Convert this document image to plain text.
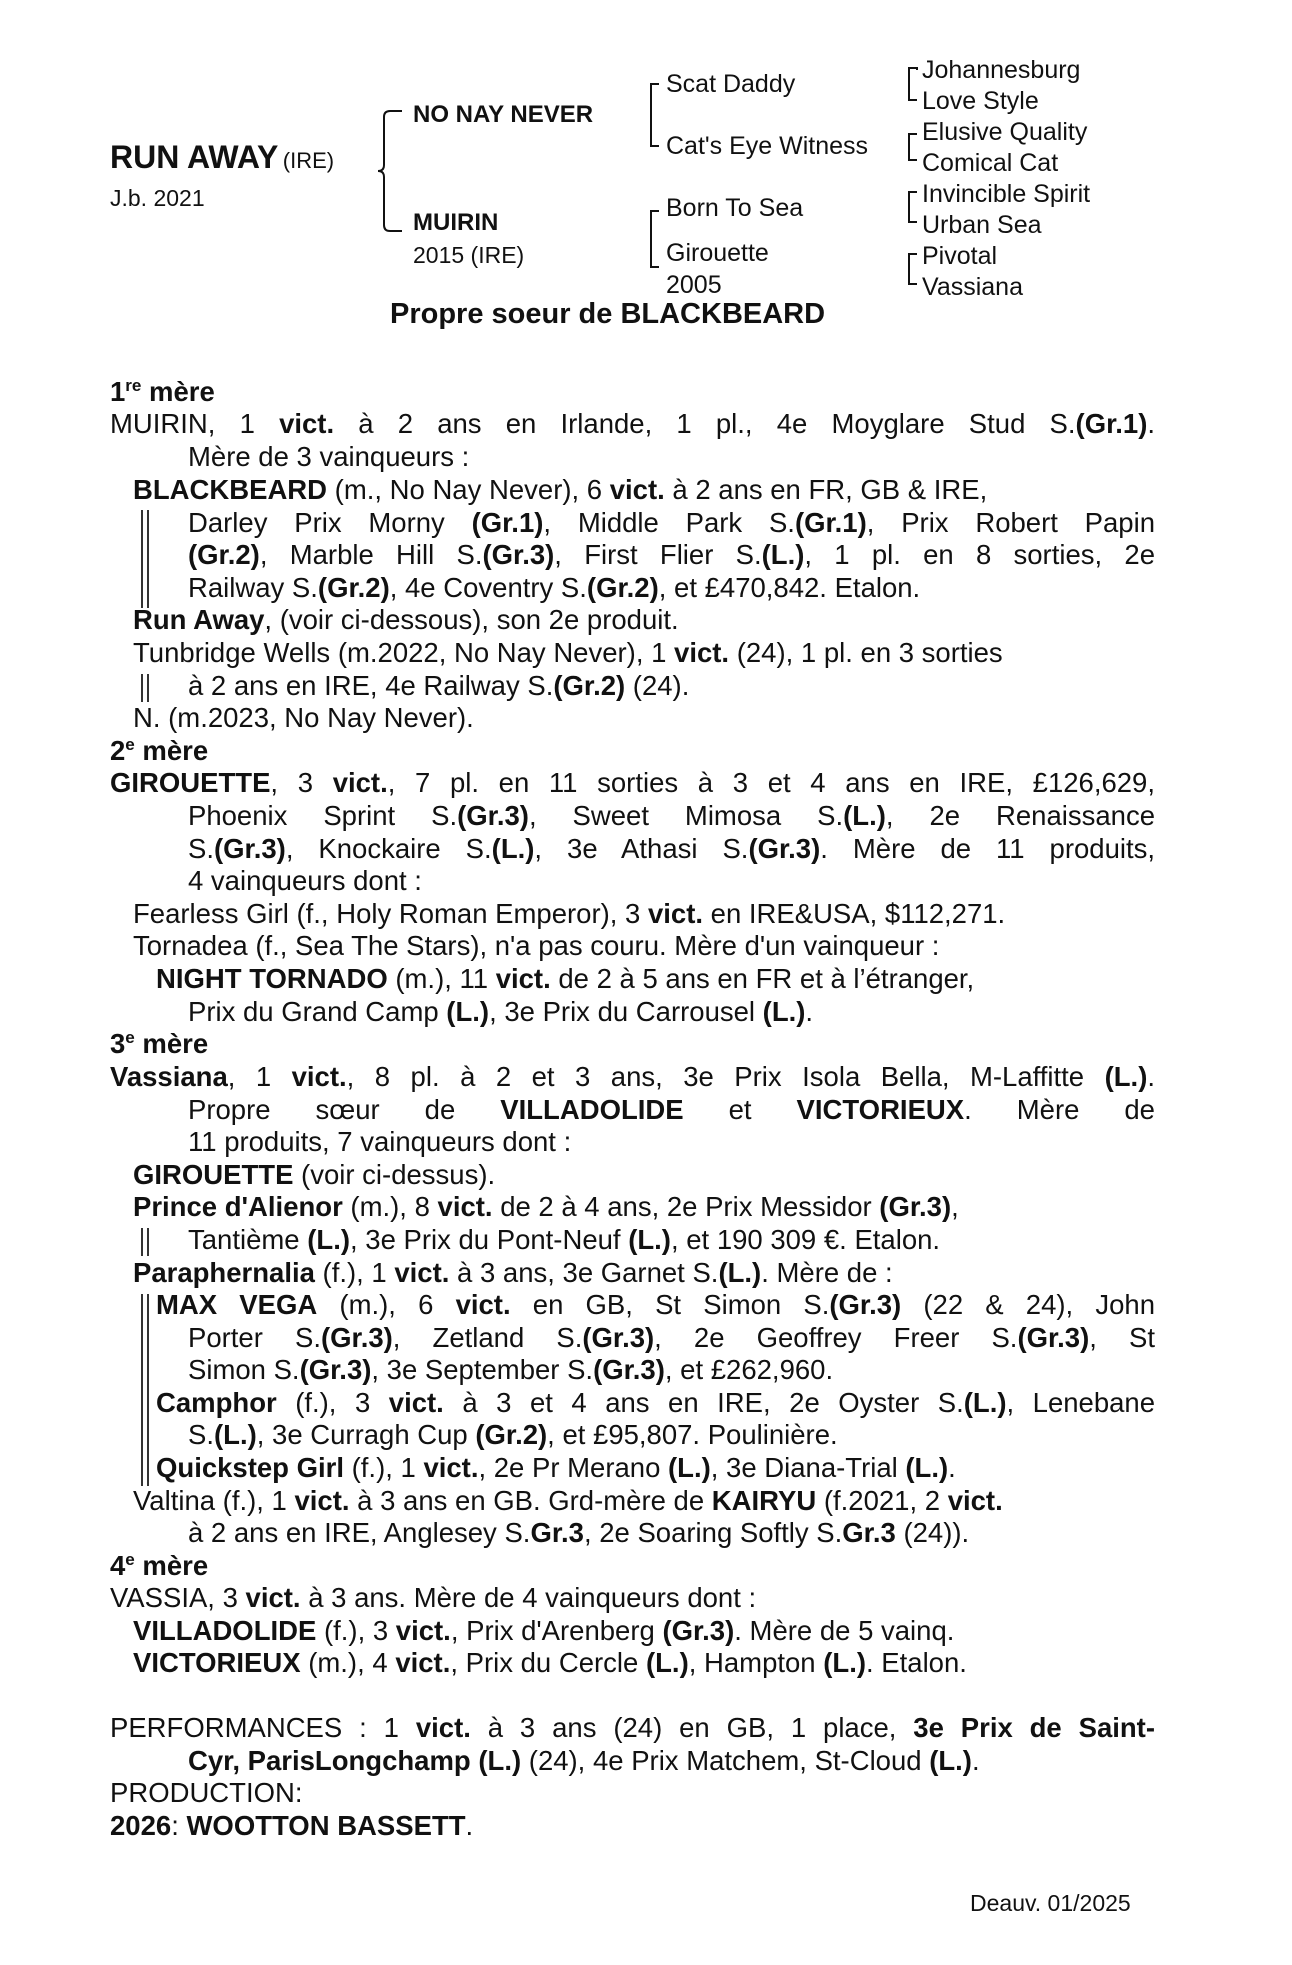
RUN AWAY (IRE)
J.b. 2021
NO NAY NEVER
MUIRIN
2015 (IRE)
Scat Daddy
Cat's Eye Witness
Born To Sea
Girouette
2005
Johannesburg
Love Style
Elusive Quality
Comical Cat
Invincible Spirit
Urban Sea
Pivotal
Vassiana
Propre soeur de BLACKBEARD
1re mère
MUIRIN, 1 vict. à 2 ans en Irlande, 1 pl., 4e Moyglare Stud S.(Gr.1).
Mère de 3 vainqueurs :
BLACKBEARD (m., No Nay Never), 6 vict. à 2 ans en FR, GB & IRE,
Darley Prix Morny (Gr.1), Middle Park S.(Gr.1), Prix Robert Papin
(Gr.2), Marble Hill S.(Gr.3), First Flier S.(L.), 1 pl. en 8 sorties, 2e
Railway S.(Gr.2), 4e Coventry S.(Gr.2), et £470,842. Etalon.
Run Away, (voir ci-dessous), son 2e produit.
Tunbridge Wells (m.2022, No Nay Never), 1 vict. (24), 1 pl. en 3 sorties
à 2 ans en IRE, 4e Railway S.(Gr.2) (24).
N. (m.2023, No Nay Never).
2e mère
GIROUETTE, 3 vict., 7 pl. en 11 sorties à 3 et 4 ans en IRE, £126,629,
Phoenix Sprint S.(Gr.3), Sweet Mimosa S.(L.), 2e Renaissance
S.(Gr.3), Knockaire S.(L.), 3e Athasi S.(Gr.3). Mère de 11 produits,
4 vainqueurs dont :
Fearless Girl (f., Holy Roman Emperor), 3 vict. en IRE&USA, $112,271.
Tornadea (f., Sea The Stars), n'a pas couru. Mère d'un vainqueur :
NIGHT TORNADO (m.), 11 vict. de 2 à 5 ans en FR et à l’étranger,
Prix du Grand Camp (L.), 3e Prix du Carrousel (L.).
3e mère
Vassiana, 1 vict., 8 pl. à 2 et 3 ans, 3e Prix Isola Bella, M-Laffitte (L.).
Propre sœur de VILLADOLIDE et VICTORIEUX. Mère de
11 produits, 7 vainqueurs dont :
GIROUETTE (voir ci-dessus).
Prince d'Alienor (m.), 8 vict. de 2 à 4 ans, 2e Prix Messidor (Gr.3),
Tantième (L.), 3e Prix du Pont-Neuf (L.), et 190 309 €. Etalon.
Paraphernalia (f.), 1 vict. à 3 ans, 3e Garnet S.(L.). Mère de :
MAX VEGA (m.), 6 vict. en GB, St Simon S.(Gr.3) (22 & 24), John
Porter S.(Gr.3), Zetland S.(Gr.3), 2e Geoffrey Freer S.(Gr.3), St
Simon S.(Gr.3), 3e September S.(Gr.3), et £262,960.
Camphor (f.), 3 vict. à 3 et 4 ans en IRE, 2e Oyster S.(L.), Lenebane
S.(L.), 3e Curragh Cup (Gr.2), et £95,807. Poulinière.
Quickstep Girl (f.), 1 vict., 2e Pr Merano (L.), 3e Diana-Trial (L.).
Valtina (f.), 1 vict. à 3 ans en GB. Grd-mère de KAIRYU (f.2021, 2 vict.
à 2 ans en IRE, Anglesey S.Gr.3, 2e Soaring Softly S.Gr.3 (24)).
4e mère
VASSIA, 3 vict. à 3 ans. Mère de 4 vainqueurs dont :
VILLADOLIDE (f.), 3 vict., Prix d'Arenberg (Gr.3). Mère de 5 vainq.
VICTORIEUX (m.), 4 vict., Prix du Cercle (L.), Hampton (L.). Etalon.
PERFORMANCES : 1 vict. à 3 ans (24) en GB, 1 place, 3e Prix de Saint-
Cyr, ParisLongchamp (L.) (24), 4e Prix Matchem, St-Cloud (L.).
PRODUCTION:
2026: WOOTTON BASSETT.
Deauv. 01/2025
